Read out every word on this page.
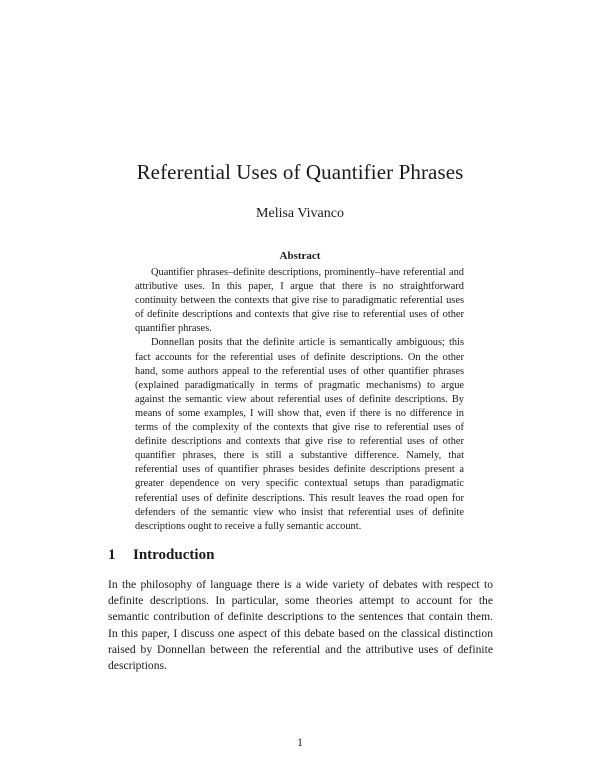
Referential Uses of Quantifier Phrases
Melisa Vivanco
Abstract

Quantifier phrases–definite descriptions, prominently–have referential and attributive uses. In this paper, I argue that there is no straightforward continuity between the contexts that give rise to paradigmatic referential uses of definite descriptions and contexts that give rise to referential uses of other quantifier phrases.

Donnellan posits that the definite article is semantically ambiguous; this fact accounts for the referential uses of definite descriptions. On the other hand, some authors appeal to the referential uses of other quantifier phrases (explained paradigmatically in terms of pragmatic mechanisms) to argue against the semantic view about referential uses of definite descriptions. By means of some examples, I will show that, even if there is no difference in terms of the complexity of the contexts that give rise to referential uses of definite descriptions and contexts that give rise to referential uses of other quantifier phrases, there is still a substantive difference. Namely, that referential uses of quantifier phrases besides definite descriptions present a greater dependence on very specific contextual setups than paradigmatic referential uses of definite descriptions. This result leaves the road open for defenders of the semantic view who insist that referential uses of definite descriptions ought to receive a fully semantic account.

1 Introduction

In the philosophy of language there is a wide variety of debates with respect to definite descriptions. In particular, some theories attempt to account for the semantic contribution of definite descriptions to the sentences that contain them. In this paper, I discuss one aspect of this debate based on the classical distinction raised by Donnellan between the referential and the attributive uses of definite descriptions.

1
